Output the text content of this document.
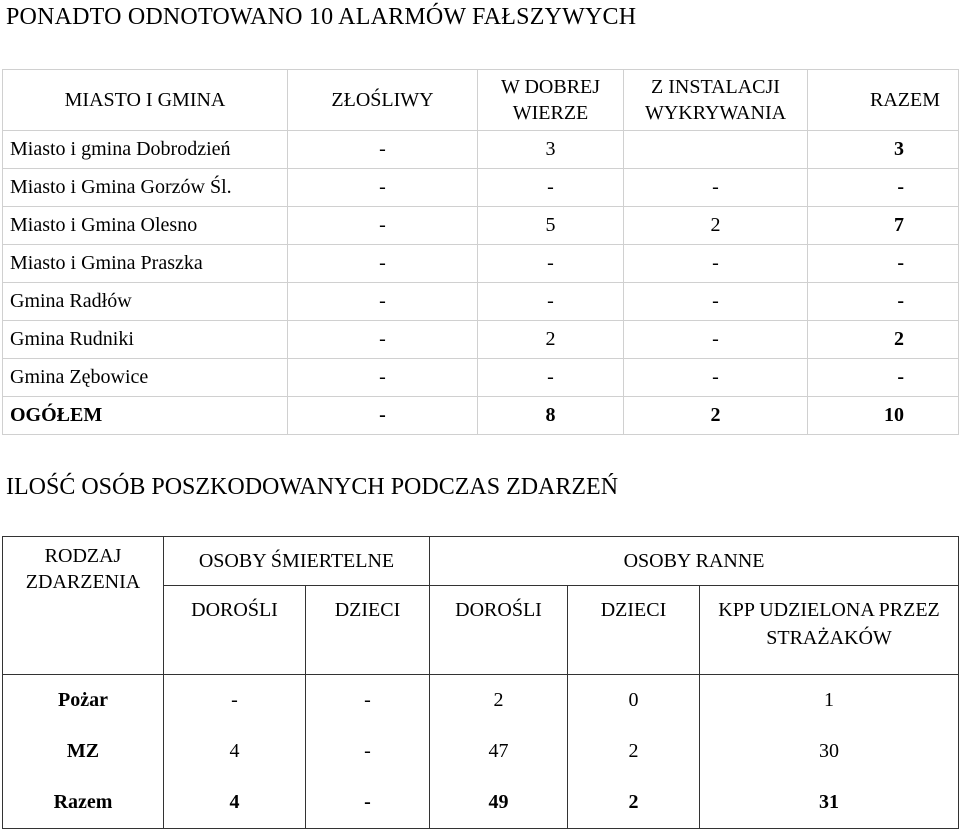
PONADTO ODNOTOWANO 10 ALARMÓW FAŁSZYWYCH
MIASTO I GMINA	ZŁOŚLIWY	W DOBREJ WIERZE	Z INSTALACJI WYKRYWANIA	RAZEM
Miasto i gmina Dobrodzień	-	3		3
Miasto i Gmina Gorzów Śl.	-	-	-	-
Miasto i Gmina Olesno	-	5	2	7
Miasto i Gmina Praszka	-	-	-	-
Gmina Radłów	-	-	-	-
Gmina Rudniki	-	2	-	2
Gmina Zębowice	-	-	-	-
OGÓŁEM	-	8	2	10
ILOŚĆ OSÓB POSZKODOWANYCH PODCZAS ZDARZEŃ
RODZAJ ZDARZENIA	OSOBY ŚMIERTELNE		OSOBY RANNE		
	DOROŚLI	DZIECI	DOROŚLI	DZIECI	KPP UDZIELONA PRZEZ STRAŻAKÓW
Pożar	-	-	2	0	1
MZ	4	-	47	2	30
Razem	4	-	49	2	31
